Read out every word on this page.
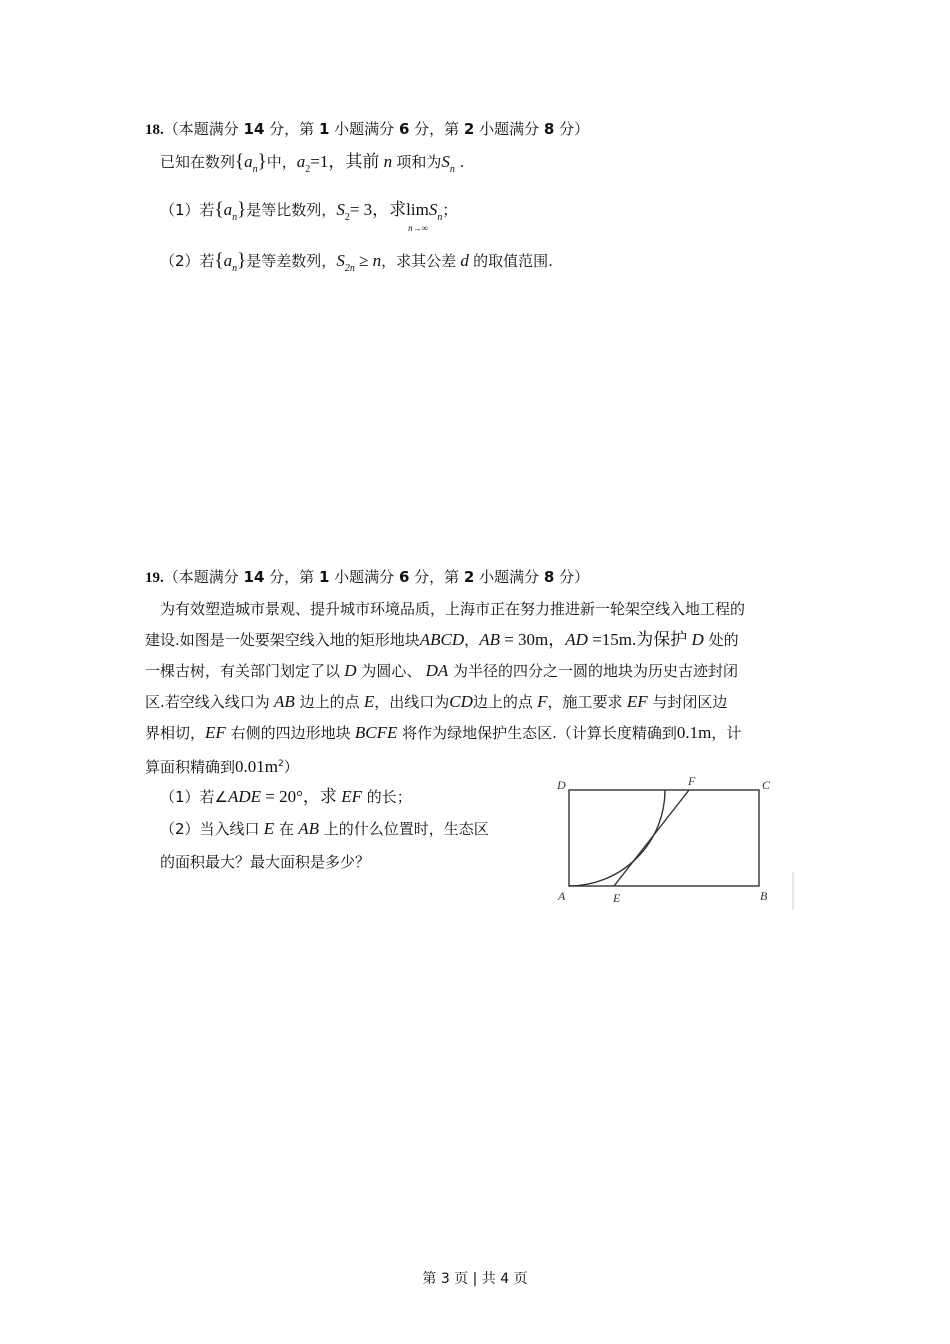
18.（本题满分 14 分，第 1 小题满分 6 分，第 2 小题满分 8 分）
已知在数列$\{a_n\}$中，$a_2=1$，其前 n 项和为$S_n$ .
（1）若$\{a_n\}$是等比数列，$S_2= 3$，求lim
n→∞
$S_n$；
（2）若$\{a_n\}$是等差数列，$S_{2n} \ge n$，求其公差 d 的取值范围.
19.（本题满分 14 分，第 1 小题满分 6 分，第 2 小题满分 8 分）
为有效塑造城市景观、提升城市环境品质，上海市正在努力推进新一轮架空线入地工程的
建设.如图是一处要架空线入地的矩形地块ABCD，AB = 30m，AD =15m.为保护 D 处的
一棵古树，有关部门划定了以 D 为圆心、 DA 为半径的四分之一圆的地块为历史古迹封闭
区.若空线入线口为 AB 边上的点 E，出线口为CD边上的点 F，施工要求 EF 与封闭区边
界相切，EF 右侧的四边形地块 BCFE 将作为绿地保护生态区.（计算长度精确到0.1m，计
算面积精确到$0.01m^2$）
（1）若∠ADE = 20°，求 EF 的长；
（2）当入线口 E 在 AB 上的什么位置时，生态区
的面积最大？最大面积是多少？
D	F	C
A	E	B
第 3 页 | 共 4 页
